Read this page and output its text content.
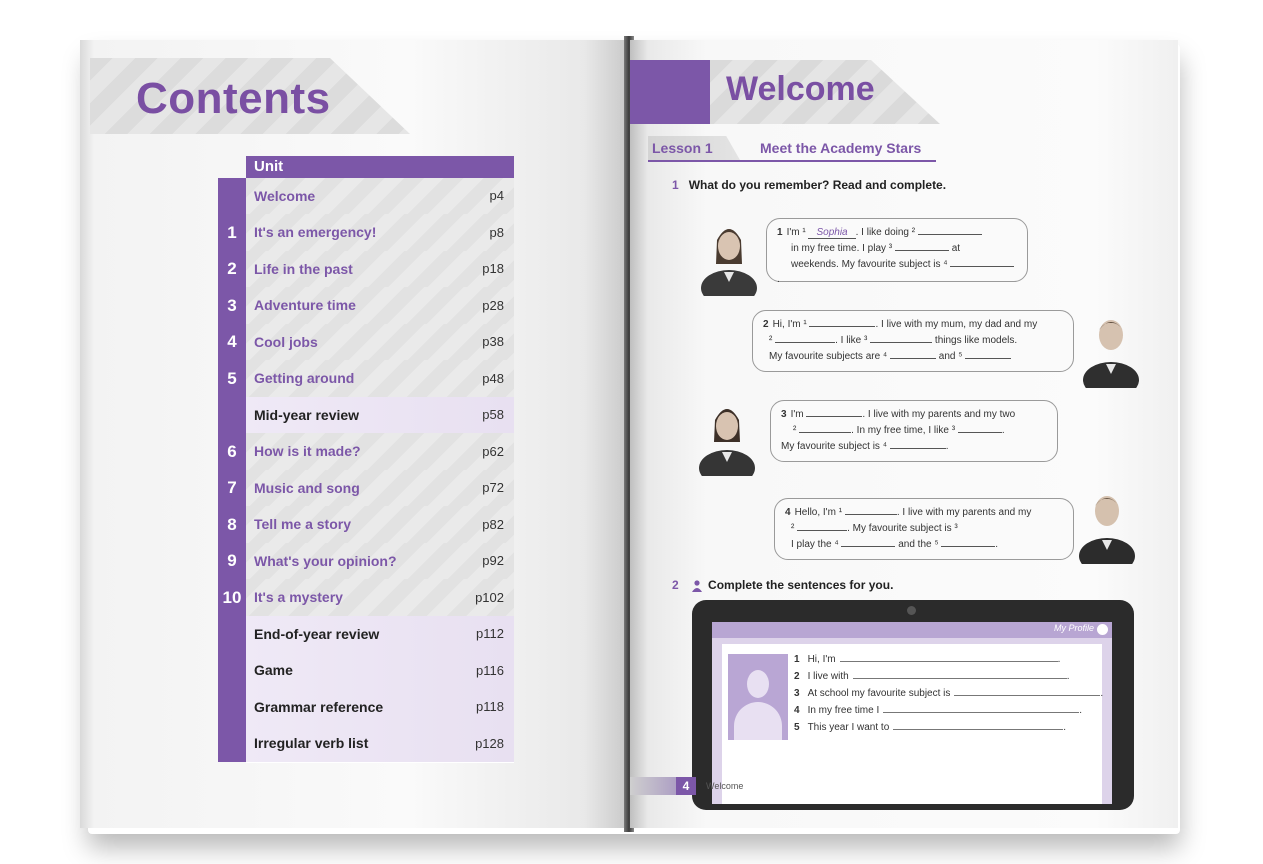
Contents
Unit
Welcome	p4
1	It's an emergency!	p8
2	Life in the past	p18
3	Adventure time	p28
4	Cool jobs	p38
5	Getting around	p48
Mid-year review	p58
6	How is it made?	p62
7	Music and song	p72
8	Tell me a story	p82
9	What's your opinion?	p92
10 It's a mystery	p102
End-of-year review	p112
Game	p116
Grammar reference	p118
Irregular verb list	p128
Welcome
Lesson 1	Meet the Academy Stars
1 What do you remember? Read and complete.
1 I'm ¹ Sophia . I like doing ²
in my free time. I play ³	at
weekends. My favourite subject is ⁴ .
2 Hi, I'm ¹	. I live with my mum, my dad and my
²	. I like ³	things like models.
My favourite subjects are ⁴	and ⁵
3 I'm	. I live with my parents and my two
²	. In my free time, I like ³	.
My favourite subject is ⁴	.
4 Hello, I'm ¹	. I live with my parents and my
²	. My favourite subject is ³
I play the ⁴	and the ⁵	.
2 Complete the sentences for you.
My Profile
1 Hi, I'm	.
2 I live with	.
3 At school my favourite subject is	.
4 In my free time I	.
5 This year I want to	.
4	Welcome
